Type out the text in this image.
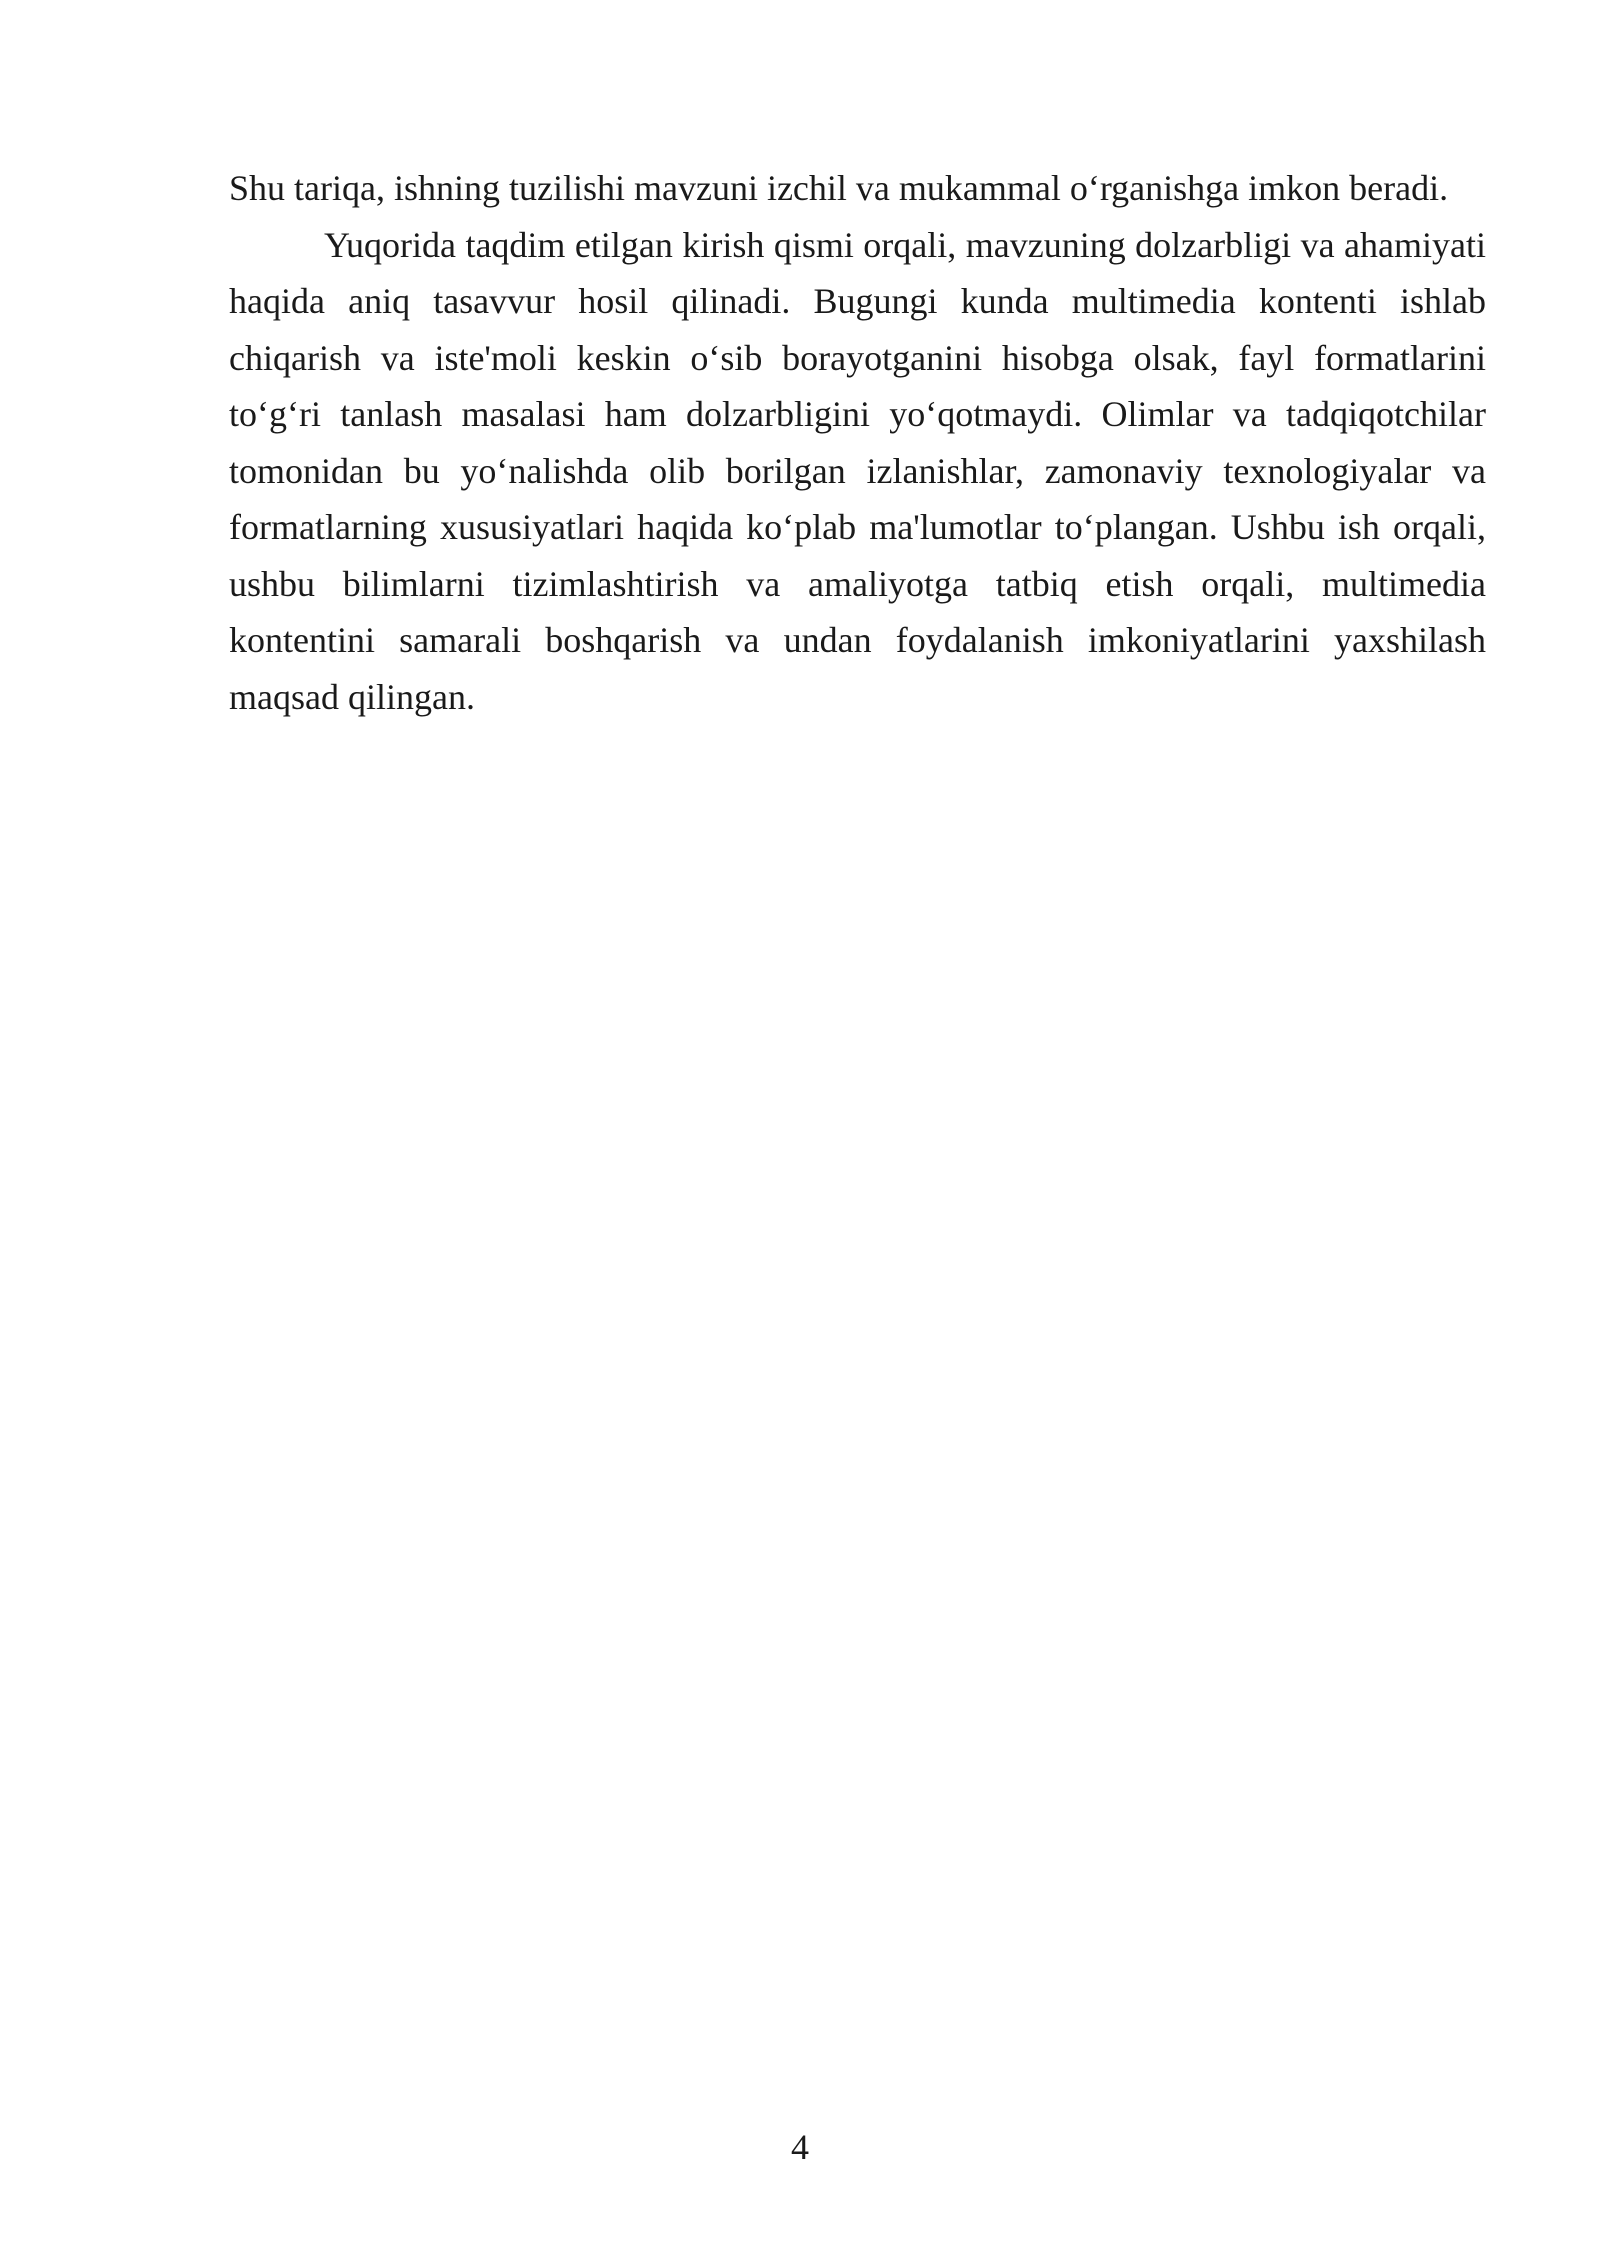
Shu tariqa, ishning tuzilishi mavzuni izchil va mukammal o‘rganishga imkon beradi.

Yuqorida taqdim etilgan kirish qismi orqali, mavzuning dolzarbligi va ahamiyati haqida aniq tasavvur hosil qilinadi. Bugungi kunda multimedia kontenti ishlab chiqarish va iste'moli keskin o‘sib borayotganini hisobga olsak, fayl formatlarini to‘g‘ri tanlash masalasi ham dolzarbligini yo‘qotmaydi. Olimlar va tadqiqotchilar tomonidan bu yo‘nalishda olib borilgan izlanishlar, zamonaviy texnologiyalar va formatlarning xususiyatlari haqida ko‘plab ma'lumotlar to‘plangan. Ushbu ish orqali, ushbu bilimlarni tizimlashtirish va amaliyotga tatbiq etish orqali, multimedia kontentini samarali boshqarish va undan foydalanish imkoniyatlarini yaxshilash maqsad qilingan.

4
